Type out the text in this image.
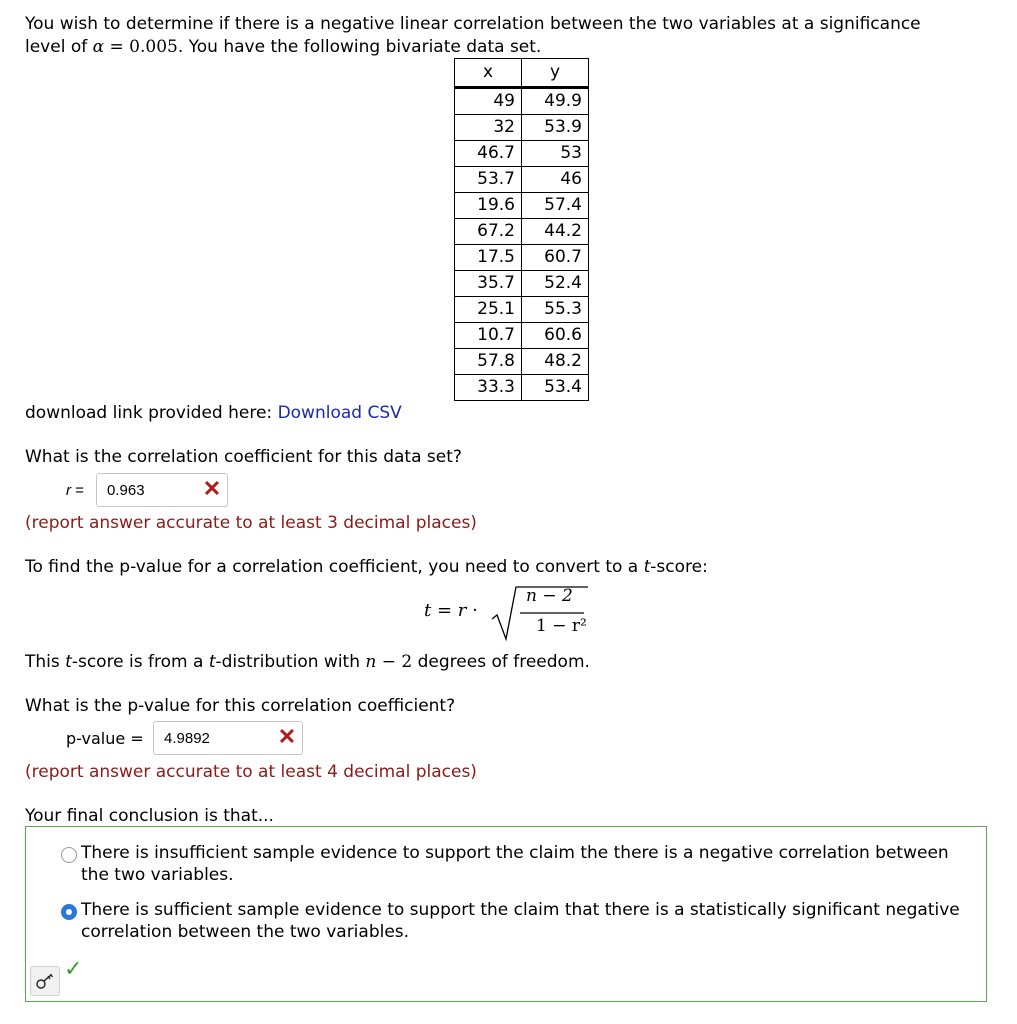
You wish to determine if there is a negative linear correlation between the two variables at a significance
level of α = 0.005. You have the following bivariate data set.
x	y
49	49.9
32	53.9
46.7	53
53.7	46
19.6	57.4
67.2	44.2
17.5	60.7
35.7	52.4
25.1	55.3
10.7	60.6
57.8	48.2
33.3	53.4
download link provided here: Download CSV
What is the correlation coefficient for this data set?
r = 0.963	✕
(report answer accurate to at least 3 decimal places)
To find the p-value for a correlation coefficient, you need to convert to a t-score:
t = r ·
n − 2
1 − r²
This t-score is from a t-distribution with n − 2 degrees of freedom.
What is the p-value for this correlation coefficient?
p-value = 4.9892	✕
(report answer accurate to at least 4 decimal places)
Your final conclusion is that...
There is insufficient sample evidence to support the claim the there is a negative correlation between the two variables.
There is sufficient sample evidence to support the claim that there is a statistically significant negative correlation between the two variables.
✓
